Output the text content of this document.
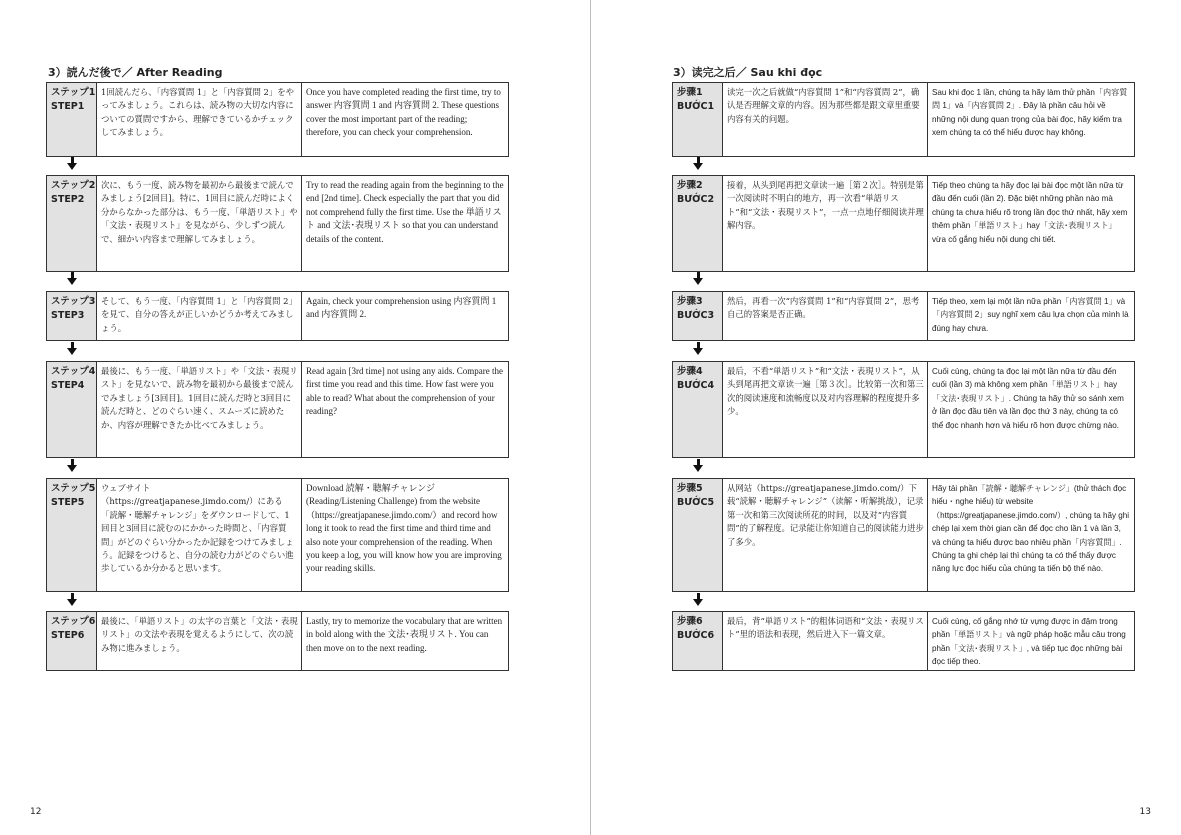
3）読んだ後で／ After Reading
ステップ1
STEP1
1回読んだら、「内容質問 1」と「内容質問 2」をやってみましょう。これらは、読み物の大切な内容についての質問ですから、理解できているかチェックしてみましょう。
Once you have completed reading the first time, try to answer 内容質問 1 and 内容質問 2. These questions cover the most important part of the reading; therefore, you can check your comprehension.
ステップ2
STEP2
次に、もう一度、読み物を最初から最後まで読んでみましょう[2回目]。特に、1回目に読んだ時によく分からなかった部分は、もう一度、「単語リスト」や「文法・表現リスト」を見ながら、少しずつ読んで、細かい内容まで理解してみましょう。
Try to read the reading again from the beginning to the end [2nd time]. Check especially the part that you did not comprehend fully the first time. Use the 単語リスト and 文法･表現リスト so that you can understand details of the content.
ステップ3
STEP3
そして、もう一度、「内容質問 1」と「内容質問 2」を見て、自分の答えが正しいかどうか考えてみましょう。
Again, check your comprehension using 内容質問 1 and 内容質問 2.
ステップ4
STEP4
最後に、もう一度、「単語リスト」や「文法・表現リスト」を見ないで、読み物を最初から最後まで読んでみましょう[3回目]。1回目に読んだ時と3回目に読んだ時と、どのぐらい速く、スムーズに読めたか、内容が理解できたか比べてみましょう。
Read again [3rd time] not using any aids. Compare the first time you read and this time. How fast were you able to read? What about the comprehension of your reading?
ステップ5
STEP5
ウェブサイト（https://greatjapanese.jimdo.com/）にある「読解・聴解チャレンジ」をダウンロードして、1回目と3回目に読むのにかかった時間と、「内容質問」がどのぐらい分かったか記録をつけてみましょう。記録をつけると、自分の読む力がどのぐらい進歩しているか分かると思います。
Download 読解・聴解チャレンジ(Reading/Listening Challenge) from the website（https://greatjapanese.jimdo.com/）and record how long it took to read the first time and third time and also note your comprehension of the reading. When you keep a log, you will know how you are improving your reading skills.
ステップ6
STEP6
最後に、「単語リスト」の太字の言葉と「文法・表現リスト」の文法や表現を覚えるようにして、次の読み物に進みましょう。
Lastly, try to memorize the vocabulary that are written in bold along with the 文法･表現リスト. You can then move on to the next reading.
12
3）读完之后／ Sau khi đọc
步骤1
BƯỚC1
读完一次之后就做“内容質問 1”和“内容質問 2”，确认是否理解文章的内容。因为那些都是跟文章里重要内容有关的问题。
Sau khi đọc 1 lần, chúng ta hãy làm thử phần「内容質問 1」và「内容質問 2」. Đây là phần câu hỏi về những nội dung quan trọng của bài đọc, hãy kiểm tra xem chúng ta có thể hiểu được hay không.
步骤2
BƯỚC2
接着，从头到尾再把文章读一遍［第２次］。特别是第一次阅读时不明白的地方，再一次看“単語リスト”和“文法・表現リスト”，一点一点地仔细阅读并理解内容。
Tiếp theo chúng ta hãy đọc lại bài đọc một lần nữa từ đầu đến cuối (lần 2). Đặc biệt những phần nào mà chúng ta chưa hiểu rõ trong lần đọc thứ nhất, hãy xem thêm phần「単語リスト」hay「文法･表現リスト」vừa cố gắng hiểu nội dung chi tiết.
步骤3
BƯỚC3
然后，再看一次“内容質問 1”和“内容質問 2”，思考自己的答案是否正确。
Tiếp theo, xem lại một lần nữa phần「内容質問 1」và「内容質問 2」suy nghĩ xem câu lựa chọn của mình là đúng hay chưa.
步骤4
BƯỚC4
最后，不看“単語リスト”和“文法・表現リスト”，从头到尾再把文章读一遍［第３次］。比较第一次和第三次的阅读速度和流畅度以及对内容理解的程度提升多少。
Cuối cùng, chúng ta đọc lại một lần nữa từ đầu đến cuối (lần 3) mà không xem phần「単語リスト」hay「文法･表現リスト」. Chúng ta hãy thử so sánh xem ở lần đọc đầu tiên và lần đọc thứ 3 này, chúng ta có thể đọc nhanh hơn và hiểu rõ hơn được chừng nào.
步骤5
BƯỚC5
从网站（https://greatjapanese.jimdo.com/）下载“読解・聴解チャレンジ”（读解・听解挑战），记录第一次和第三次阅读所花的时间，以及对“内容質問”的了解程度。记录能让你知道自己的阅读能力进步了多少。
Hãy tải phần「読解・聴解チャレンジ」(thử thách đọc hiểu・nghe hiểu) từ website（https://greatjapanese.jimdo.com/）, chúng ta hãy ghi chép lại xem thời gian cần để đọc cho lần 1 và lần 3, và chúng ta hiểu được bao nhiêu phần「内容質問」. Chúng ta ghi chép lại thì chúng ta có thể thấy được năng lực đọc hiểu của chúng ta tiến bộ thế nào.
步骤6
BƯỚC6
最后，背“単語リスト”的粗体词语和“文法・表現リスト”里的语法和表现，然后进入下一篇文章。
Cuối cùng, cố gắng nhớ từ vựng được in đậm trong phần「単語リスト」và ngữ pháp hoặc mẫu câu trong phần「文法･表現リスト」, và tiếp tục đọc những bài đọc tiếp theo.
13
